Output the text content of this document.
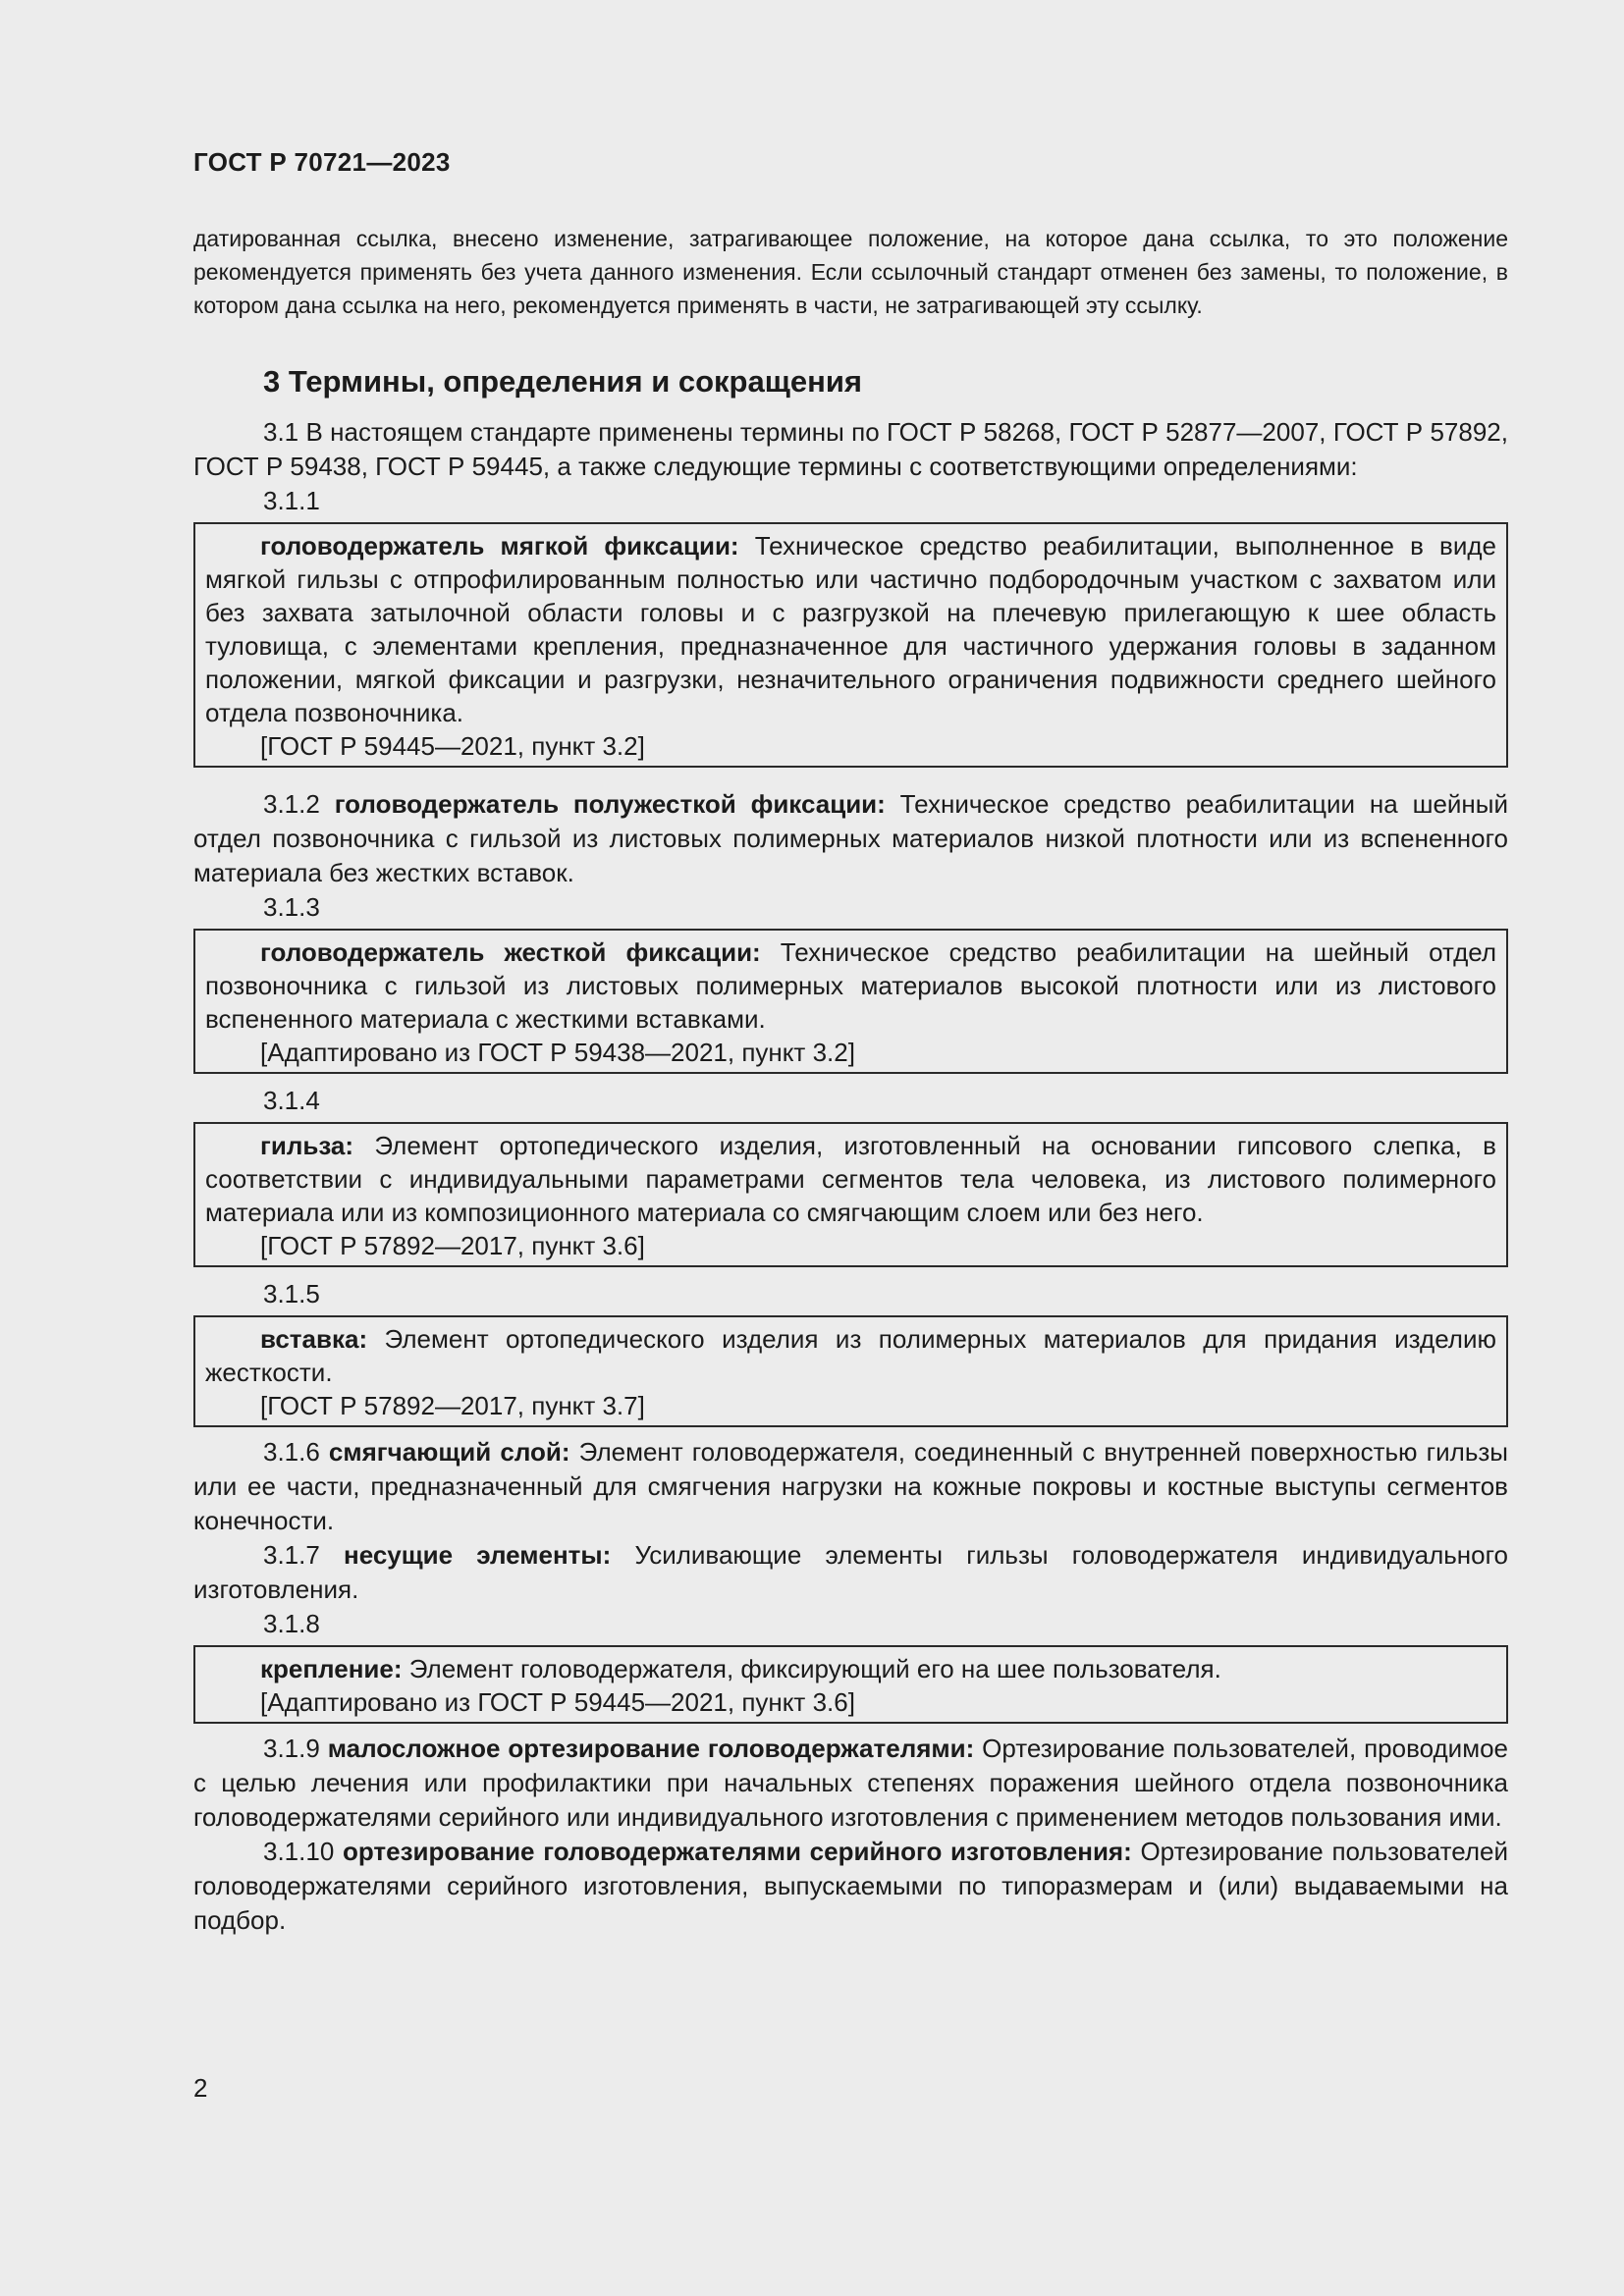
ГОСТ Р 70721—2023

датированная ссылка, внесено изменение, затрагивающее положение, на которое дана ссылка, то это положение рекомендуется применять без учета данного изменения. Если ссылочный стандарт отменен без замены, то положение, в котором дана ссылка на него, рекомендуется применять в части, не затрагивающей эту ссылку.

3 Термины, определения и сокращения

3.1 В настоящем стандарте применены термины по ГОСТ Р 58268, ГОСТ Р 52877—2007, ГОСТ Р 57892, ГОСТ Р 59438, ГОСТ Р 59445, а также следующие термины с соответствующими определениями:

3.1.1

головодержатель мягкой фиксации: Техническое средство реабилитации, выполненное в виде мягкой гильзы с отпрофилированным полностью или частично подбородочным участком с захватом или без захвата затылочной области головы и с разгрузкой на плечевую прилегающую к шее область туловища, с элементами крепления, предназначенное для частичного удержания головы в заданном положении, мягкой фиксации и разгрузки, незначительного ограничения подвижности среднего шейного отдела позвоночника.

[ГОСТ Р 59445—2021, пункт 3.2]

3.1.2 головодержатель полужесткой фиксации: Техническое средство реабилитации на шейный отдел позвоночника с гильзой из листовых полимерных материалов низкой плотности или из вспененного материала без жестких вставок.

3.1.3

головодержатель жесткой фиксации: Техническое средство реабилитации на шейный отдел позвоночника с гильзой из листовых полимерных материалов высокой плотности или из листового вспененного материала с жесткими вставками.

[Адаптировано из ГОСТ Р 59438—2021, пункт 3.2]

3.1.4

гильза: Элемент ортопедического изделия, изготовленный на основании гипсового слепка, в соответствии с индивидуальными параметрами сегментов тела человека, из листового полимерного материала или из композиционного материала со смягчающим слоем или без него.

[ГОСТ Р 57892—2017, пункт 3.6]

3.1.5

вставка: Элемент ортопедического изделия из полимерных материалов для придания изделию жесткости.

[ГОСТ Р 57892—2017, пункт 3.7]

3.1.6 смягчающий слой: Элемент головодержателя, соединенный с внутренней поверхностью гильзы или ее части, предназначенный для смягчения нагрузки на кожные покровы и костные выступы сегментов конечности.

3.1.7 несущие элементы: Усиливающие элементы гильзы головодержателя индивидуального изготовления.

3.1.8

крепление: Элемент головодержателя, фиксирующий его на шее пользователя.

[Адаптировано из ГОСТ Р 59445—2021, пункт 3.6]

3.1.9 малосложное ортезирование головодержателями: Ортезирование пользователей, проводимое с целью лечения или профилактики при начальных степенях поражения шейного отдела позвоночника головодержателями серийного или индивидуального изготовления с применением методов пользования ими.

3.1.10 ортезирование головодержателями серийного изготовления: Ортезирование пользователей головодержателями серийного изготовления, выпускаемыми по типоразмерам и (или) выдаваемыми на подбор.

2
